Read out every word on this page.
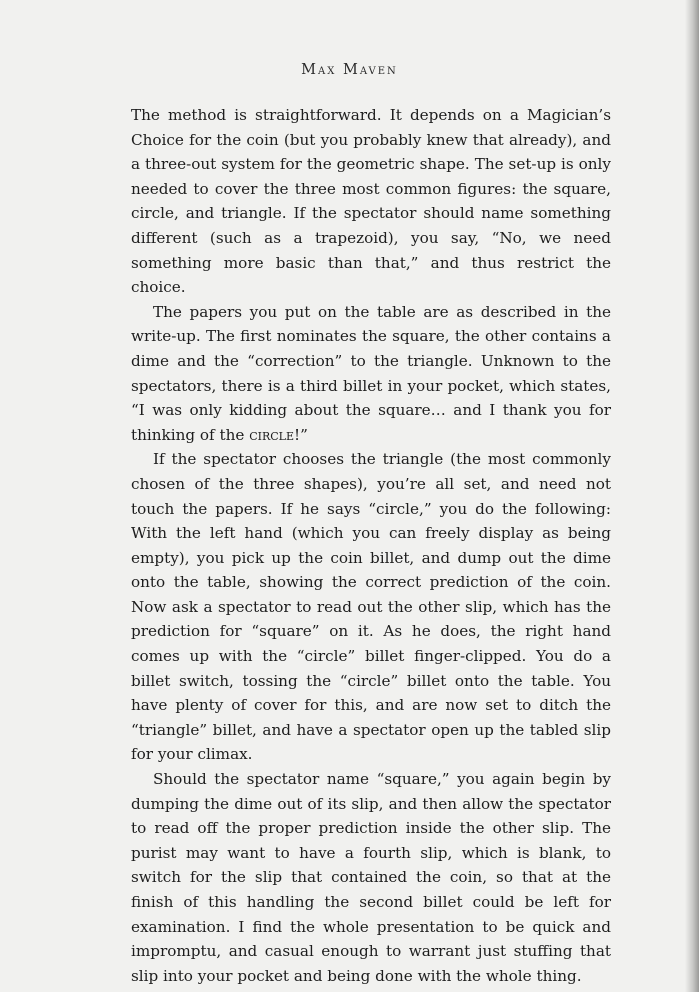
Max Maven

The method is straightforward. It depends on a Magician’s Choice for the coin (but you probably knew that already), and a three-out system for the geometric shape. The set-up is only needed to cover the three most common figures: the square, circle, and triangle. If the spectator should name something different (such as a trapezoid), you say, “No, we need something more basic than that,” and thus restrict the choice.

The papers you put on the table are as described in the write-up. The first nominates the square, the other contains a dime and the “correction” to the triangle. Unknown to the spectators, there is a third billet in your pocket, which states, “I was only kidding about the square… and I thank you for thinking of the circle!”

If the spectator chooses the triangle (the most commonly chosen of the three shapes), you’re all set, and need not touch the papers. If he says “circle,” you do the following: With the left hand (which you can freely display as being empty), you pick up the coin billet, and dump out the dime onto the table, showing the correct prediction of the coin. Now ask a spectator to read out the other slip, which has the prediction for “square” on it. As he does, the right hand comes up with the “circle” billet finger-clipped. You do a billet switch, tossing the “circle” billet onto the table. You have plenty of cover for this, and are now set to ditch the “triangle” billet, and have a spectator open up the tabled slip for your climax.

Should the spectator name “square,” you again begin by dumping the dime out of its slip, and then allow the spectator to read off the proper prediction inside the other slip. The purist may want to have a fourth slip, which is blank, to switch for the slip that contained the coin, so that at the finish of this handling the second billet could be left for examination. I find the whole presentation to be quick and impromptu, and casual enough to warrant just stuffing that slip into your pocket and being done with the whole thing.
